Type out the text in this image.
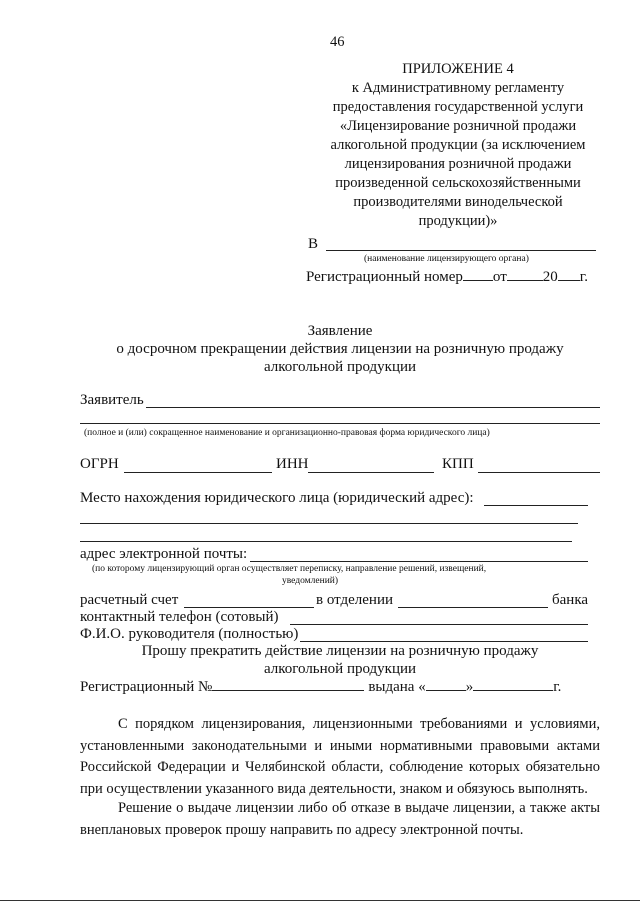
46
ПРИЛОЖЕНИЕ 4
к Административному регламенту
предоставления государственной услуги
«Лицензирование розничной продажи
алкогольной продукции (за исключением
лицензирования розничной продажи
произведенной сельскохозяйственными
производителями винодельческой
продукции)»
В
(наименование лицензирующего органа)
Регистрационный номер от 20 г.
Заявление
о досрочном прекращении действия лицензии на розничную продажу
алкогольной продукции
Заявитель
(полное и (или) сокращенное наименование и организационно-правовая форма юридического лица)
ОГРН	ИНН	КПП
Место нахождения юридического лица (юридический адрес):
адрес электронной почты:
(по которому лицензирующий орган осуществляет переписку, направление решений, извещений,
уведомлений)
расчетный счет	в отделении	банка
контактный телефон (сотовый)
Ф.И.О. руководителя (полностью)
Прошу прекратить действие лицензии на розничную продажу
алкогольной продукции
Регистрационный №	выдана «	»	г.
С порядком лицензирования, лицензионными требованиями и условиями, установленными законодательными и иными нормативными правовыми актами Российской Федерации и Челябинской области, соблюдение которых обязательно при осуществлении указанного вида деятельности, знаком и обязуюсь выполнять.
Решение о выдаче лицензии либо об отказе в выдаче лицензии, а также акты внеплановых проверок прошу направить по адресу электронной почты.
